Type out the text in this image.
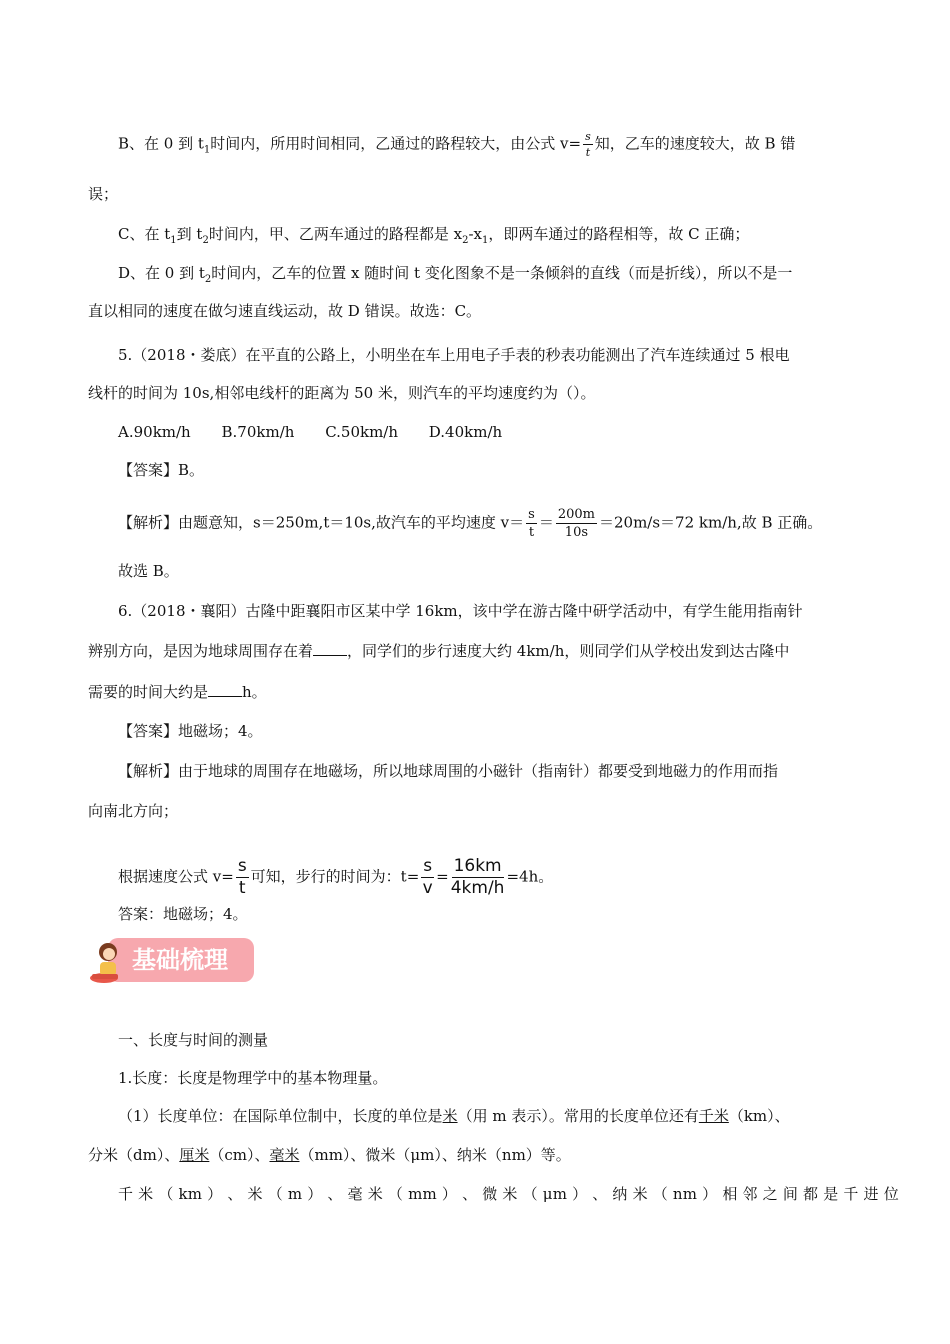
B、在 0 到 $t_1$时间内，所用时间相同，乙通过的路程较大，由公式 $v= \frac{s}{t}$ 知，乙车的速度较大，故 B 错
误；
C、在 $t_1$到 $t_2$时间内，甲、乙两车通过的路程都是 $x_2-x_1$，即两车通过的路程相等，故 C 正确；
D、在 0 到 $t_2$时间内，乙车的位置 x 随时间 t 变化图象不是一条倾斜的直线（而是折线），所以不是一
直以相同的速度在做匀速直线运动，故 D 错误。故选：C。
5.（2018・娄底）在平直的公路上，小明坐在车上用电子手表的秒表功能测出了汽车连续通过 5 根电
线杆的时间为 10s,相邻电线杆的距离为 50 米，则汽车的平均速度约为（）。
A.90km/h B.70km/h C.50km/h D.40km/h
【答案】B。
【解析】由题意知，s＝250m,t＝10s,故汽车的平均速度 $v= \frac{s}{t} = \frac{200m}{10s} =20m/s=72$ km/h,故 B 正确。
故选 B。
6.（2018・襄阳）古隆中距襄阳市区某中学 16km，该中学在游古隆中研学活动中，有学生能用指南针
辨别方向，是因为地球周围存在着 ，同学们的步行速度大约 4km/h，则同学们从学校出发到达古隆中
需要的时间大约是 h。
【答案】地磁场；4。
【解析】由于地球的周围存在地磁场，所以地球周围的小磁针（指南针）都要受到地磁力的作用而指
向南北方向；
根据速度公式 $v= \frac{s}{t}$ 可知，步行的时间为：$t= \frac{s}{v} = \frac{16km}{4km/h} =4h$。
答案：地磁场；4。
基础梳理
一、长度与时间的测量
1.长度：长度是物理学中的基本物理量。
（1）长度单位：在国际单位制中，长度的单位是米（用 m 表示）。常用的长度单位还有千米（km）、
分米（dm）、厘米（cm）、毫米（mm）、微米（μm）、纳米（nm）等。
千 米 （ km ） 、 米 （ m ） 、 毫 米 （ mm ） 、 微 米 （ μm ） 、 纳 米 （ nm ） 相 邻 之 间 都 是 千 进 位
